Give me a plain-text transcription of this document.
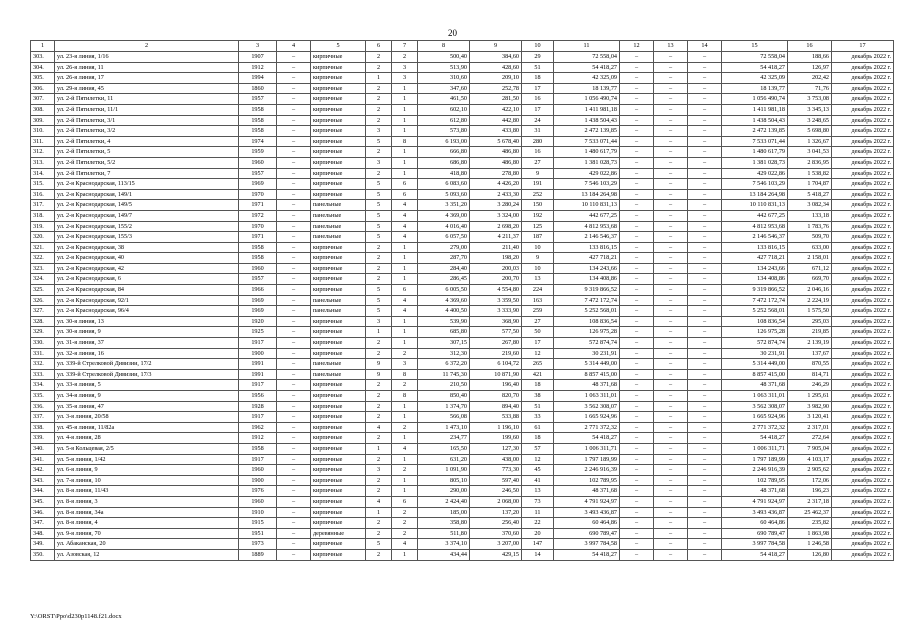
20
1	2	3	4	5	6	7	8	9	10	11	12	13	14	15	16	17
303.	ул. 23-я линия, 1/16	1907	–	кирпичные	2	2	500,40	384,60	29	72 558,04	–	–	–	72 558,04	188,66	декабрь 2022 г.
304.	ул. 26-я линия, 11	1912	–	кирпичные	2	3	513,90	428,60	51	54 418,27	–	–	–	54 418,27	126,97	декабрь 2022 г.
305.	ул. 26-я линия, 17	1994	–	кирпичные	1	3	310,60	209,10	18	42 325,09	–	–	–	42 325,09	202,42	декабрь 2022 г.
306.	ул. 29-я линия, 45	1860	–	кирпичные	2	1	347,60	252,78	17	18 139,77	–	–	–	18 139,77	71,76	декабрь 2022 г.
307.	ул. 2-й Пятилетки, 11	1957	–	кирпичные	2	1	461,50	281,50	16	1 056 490,74	–	–	–	1 056 490,74	3 753,08	декабрь 2022 г.
308.	ул. 2-й Пятилетки, 11/1	1958	–	кирпичные	2	1	602,10	422,10	17	1 411 981,18	–	–	–	1 411 981,18	3 345,13	декабрь 2022 г.
309.	ул. 2-й Пятилетки, 3/1	1958	–	кирпичные	2	1	612,80	442,80	24	1 438 504,43	–	–	–	1 438 504,43	3 248,65	декабрь 2022 г.
310.	ул. 2-й Пятилетки, 3/2	1958	–	кирпичные	3	1	573,80	433,80	31	2 472 139,85	–	–	–	2 472 139,85	5 698,80	декабрь 2022 г.
311.	ул. 2-й Пятилетки, 4	1974	–	кирпичные	5	8	6 193,00	5 678,40	280	7 533 071,44	–	–	–	7 533 071,44	1 326,67	декабрь 2022 г.
312.	ул. 2-й Пятилетки, 5	1959	–	кирпичные	2	1	666,80	486,80	16	1 480 617,79	–	–	–	1 480 617,79	3 041,53	декабрь 2022 г.
313.	ул. 2-й Пятилетки, 5/2	1960	–	кирпичные	3	1	686,80	486,80	27	1 381 028,73	–	–	–	1 381 028,73	2 836,95	декабрь 2022 г.
314.	ул. 2-й Пятилетки, 7	1957	–	кирпичные	2	1	418,80	278,80	9	429 022,86	–	–	–	429 022,86	1 538,82	декабрь 2022 г.
315.	ул. 2-я Краснодарская, 113/15	1969	–	кирпичные	5	6	6 083,60	4 426,20	191	7 546 103,29	–	–	–	7 546 103,29	1 704,87	декабрь 2022 г.
316.	ул. 2-я Краснодарская, 149/1	1970	–	кирпичные	5	6	5 093,60	2 433,30	252	13 184 264,98	–	–	–	13 184 264,98	5 418,27	декабрь 2022 г.
317.	ул. 2-я Краснодарская, 149/5	1971	–	панельные	5	4	3 351,20	3 280,24	150	10 110 831,13	–	–	–	10 110 831,13	3 082,34	декабрь 2022 г.
318.	ул. 2-я Краснодарская, 149/7	1972	–	панельные	5	4	4 369,00	3 324,00	192	442 677,25	–	–	–	442 677,25	133,18	декабрь 2022 г.
319.	ул. 2-я Краснодарская, 155/2	1970	–	панельные	5	4	4 016,40	2 698,20	125	4 812 953,68	–	–	–	4 812 953,68	1 783,76	декабрь 2022 г.
320.	ул. 2-я Краснодарская, 155/3	1971	–	панельные	5	4	6 057,50	4 211,37	187	2 146 546,37	–	–	–	2 146 546,37	509,70	декабрь 2022 г.
321.	ул. 2-я Краснодарская, 38	1958	–	кирпичные	2	1	279,00	211,40	10	133 816,15	–	–	–	133 816,15	633,00	декабрь 2022 г.
322.	ул. 2-я Краснодарская, 40	1958	–	кирпичные	2	1	287,70	198,20	9	427 718,21	–	–	–	427 718,21	2 158,01	декабрь 2022 г.
323.	ул. 2-я Краснодарская, 42	1960	–	кирпичные	2	1	284,40	200,03	10	134 243,66	–	–	–	134 243,66	671,12	декабрь 2022 г.
324.	ул. 2-я Краснодарская, 6	1957	–	кирпичные	2	1	286,45	200,70	13	134 408,86	–	–	–	134 408,86	669,70	декабрь 2022 г.
325.	ул. 2-я Краснодарская, 84	1966	–	кирпичные	5	6	6 005,50	4 554,80	224	9 319 866,52	–	–	–	9 319 866,52	2 046,16	декабрь 2022 г.
326.	ул. 2-я Краснодарская, 92/1	1969	–	панельные	5	4	4 369,60	3 359,50	163	7 472 172,74	–	–	–	7 472 172,74	2 224,19	декабрь 2022 г.
327.	ул. 2-я Краснодарская, 96/4	1969	–	панельные	5	4	4 400,50	3 333,90	259	5 252 568,01	–	–	–	5 252 568,01	1 575,50	декабрь 2022 г.
328.	ул. 30-я линия, 13	1920	–	кирпичные	3	1	539,90	368,90	27	108 836,54	–	–	–	108 836,54	295,03	декабрь 2022 г.
329.	ул. 30-я линия, 9	1925	–	кирпичные	1	1	685,80	577,50	50	126 975,28	–	–	–	126 975,28	219,85	декабрь 2022 г.
330.	ул. 31-я линия, 37	1917	–	кирпичные	2	1	307,15	267,80	17	572 874,74	–	–	–	572 874,74	2 139,19	декабрь 2022 г.
331.	ул. 32-я линия, 16	1900	–	кирпичные	2	2	312,30	219,60	12	30 231,91	–	–	–	30 231,91	137,67	декабрь 2022 г.
332.	ул. 339-й Стрелковой Дивизии, 17/2	1991	–	панельные	9	3	6 372,20	6 104,72	265	5 314 449,00	–	–	–	5 314 449,00	870,55	декабрь 2022 г.
333.	ул. 339-й Стрелковой Дивизии, 17/3	1991	–	панельные	9	8	11 745,30	10 871,90	421	8 857 415,00	–	–	–	8 857 415,00	814,71	декабрь 2022 г.
334.	ул. 33-я линия, 5	1917	–	кирпичные	2	2	210,50	196,40	18	48 371,68	–	–	–	48 371,68	246,29	декабрь 2022 г.
335.	ул. 34-я линия, 9	1956	–	кирпичные	2	8	850,40	820,70	38	1 063 311,01	–	–	–	1 063 311,01	1 295,61	декабрь 2022 г.
336.	ул. 35-я линия, 47	1928	–	кирпичные	2	1	1 374,70	894,40	51	3 562 308,07	–	–	–	3 562 308,07	3 982,90	декабрь 2022 г.
337.	ул. 3-я линия, 20/58	1917	–	кирпичные	2	1	566,08	533,88	33	1 665 924,96	–	–	–	1 665 924,96	3 120,41	декабрь 2022 г.
338.	ул. 45-я линия, 11/82а	1962	–	кирпичные	4	2	1 473,10	1 196,10	61	2 771 372,32	–	–	–	2 771 372,32	2 317,01	декабрь 2022 г.
339.	ул. 4-я линия, 28	1912	–	кирпичные	2	1	234,77	199,60	18	54 418,27	–	–	–	54 418,27	272,64	декабрь 2022 г.
340.	ул. 5-я Кольцевая, 2/5	1958	–	кирпичные	1	4	165,50	127,30	57	1 006 311,71	–	–	–	1 006 311,71	7 905,04	декабрь 2022 г.
341.	ул. 5-я линия, 1/42	1917	–	кирпичные	2	1	631,20	438,00	12	1 797 189,99	–	–	–	1 797 189,99	4 103,17	декабрь 2022 г.
342.	ул. 6-я линия, 9	1960	–	кирпичные	3	2	1 091,90	773,30	45	2 246 916,39	–	–	–	2 246 916,39	2 905,62	декабрь 2022 г.
343.	ул. 7-я линия, 10	1900	–	кирпичные	2	1	805,10	597,40	41	102 789,95	–	–	–	102 789,95	172,06	декабрь 2022 г.
344.	ул. 8-я линия, 11/43	1976	–	кирпичные	2	1	290,00	246,50	13	48 371,68	–	–	–	48 371,68	196,23	декабрь 2022 г.
345.	ул. 8-я линия, 3	1960	–	кирпичные	4	6	2 424,40	2 068,00	73	4 791 924,97	–	–	–	4 791 924,97	2 317,18	декабрь 2022 г.
346.	ул. 8-я линия, 34а	1910	–	кирпичные	1	2	185,00	137,20	11	3 493 436,87	–	–	–	3 493 436,87	25 462,37	декабрь 2022 г.
347.	ул. 8-я линия, 4	1915	–	кирпичные	2	2	358,80	256,40	22	60 464,86	–	–	–	60 464,86	235,82	декабрь 2022 г.
348.	ул. 9-я линия, 70	1951	–	деревянные	2	2	511,80	370,60	20	690 789,47	–	–	–	690 789,47	1 863,98	декабрь 2022 г.
349.	ул. Абаканская, 20	1973	–	кирпичные	5	4	3 374,10	3 207,00	147	3 997 784,58	–	–	–	3 997 784,58	1 246,58	декабрь 2022 г.
350.	ул. Азовская, 12	1889	–	кирпичные	2	1	434,44	429,15	14	54 418,27	–	–	–	54 418,27	126,80	декабрь 2022 г.
Y:\ORST\Ppo\d230p1148.f21.docx
